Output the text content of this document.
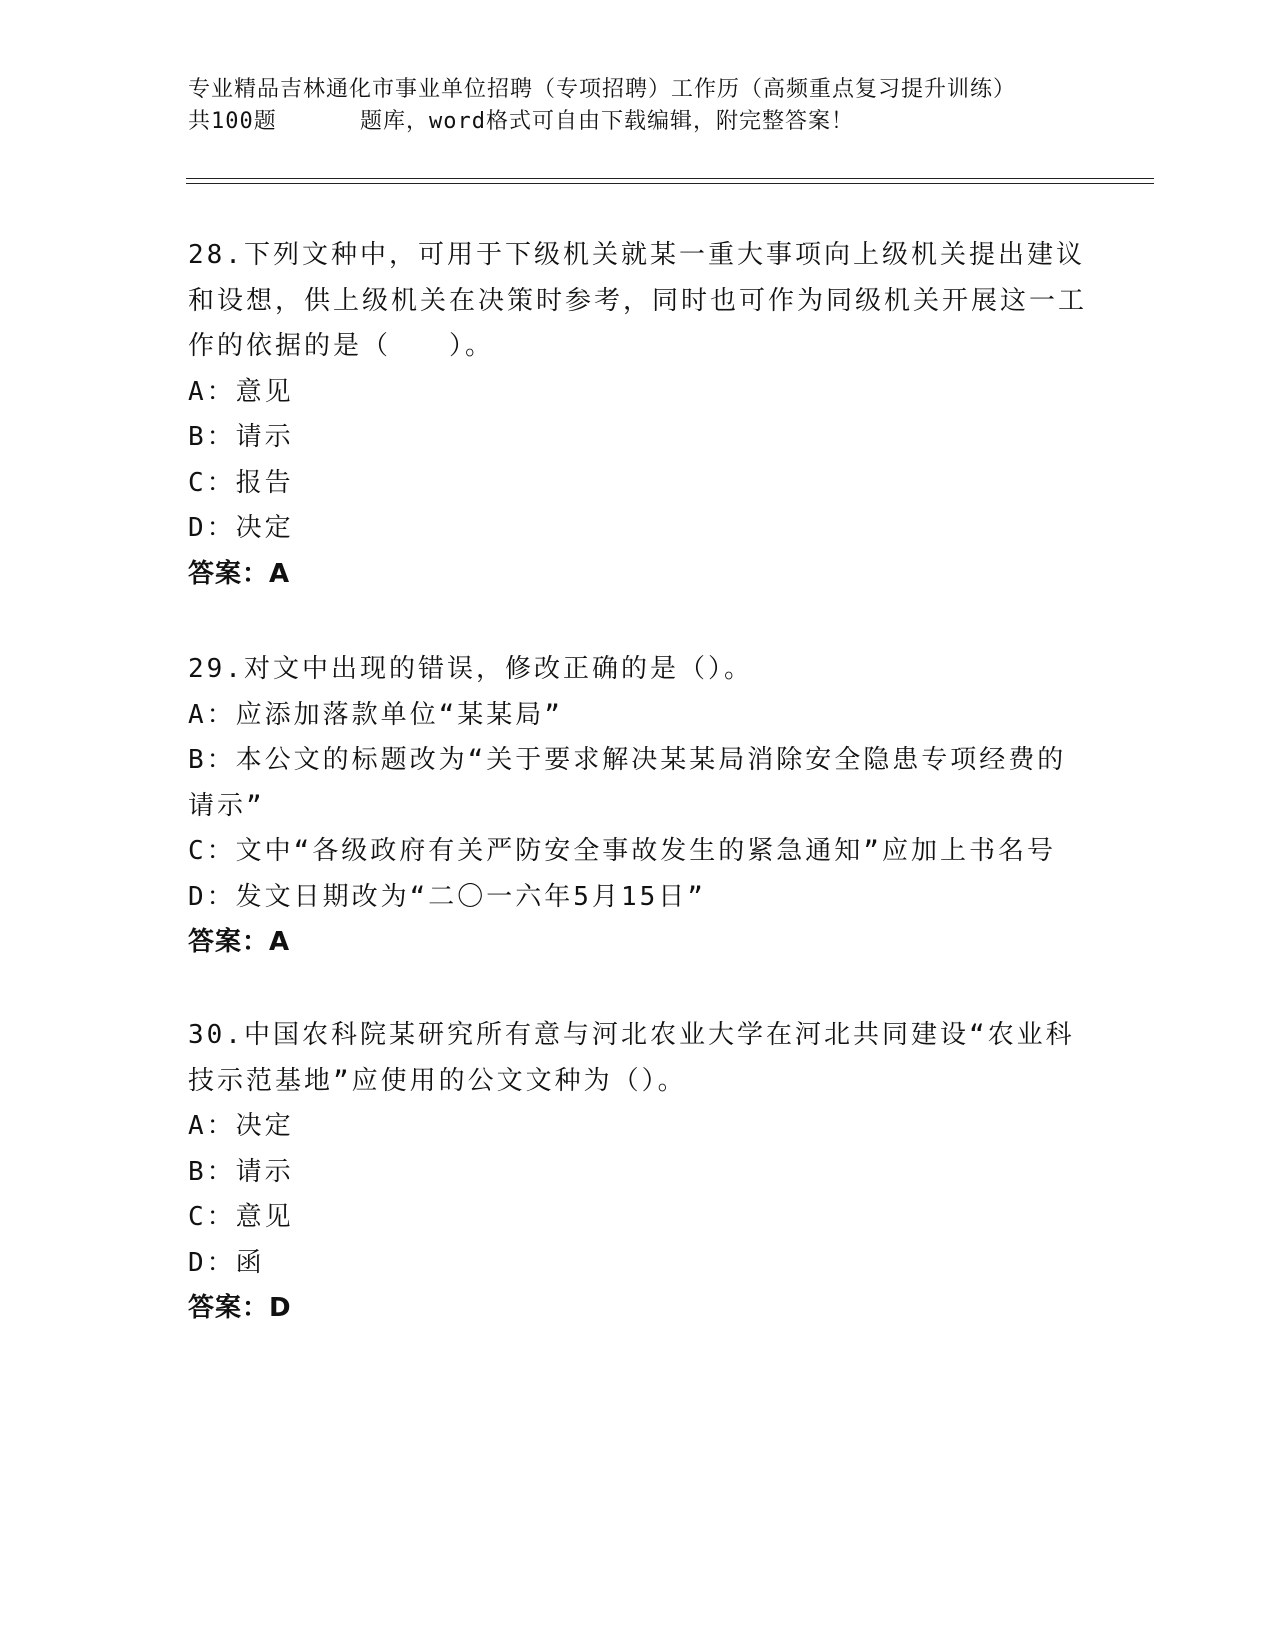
专业精品吉林通化市事业单位招聘（专项招聘）工作历（高频重点复习提升训练）
共100题	题库，word格式可自由下载编辑，附完整答案！

28.下列文种中，可用于下级机关就某一重大事项向上级机关提出建议和设想，供上级机关在决策时参考，同时也可作为同级机关开展这一工作的依据的是（　　）。

A：意见

B：请示

C：报告

D：决定

答案：A

29.对文中出现的错误，修改正确的是（）。

A：应添加落款单位“某某局”

B：本公文的标题改为“关于要求解决某某局消除安全隐患专项经费的请示”

C：文中“各级政府有关严防安全事故发生的紧急通知”应加上书名号

D：发文日期改为“二〇一六年5月15日”

答案：A

30.中国农科院某研究所有意与河北农业大学在河北共同建设“农业科技示范基地”应使用的公文文种为（）。

A：决定

B：请示

C：意见

D：函

答案：D
